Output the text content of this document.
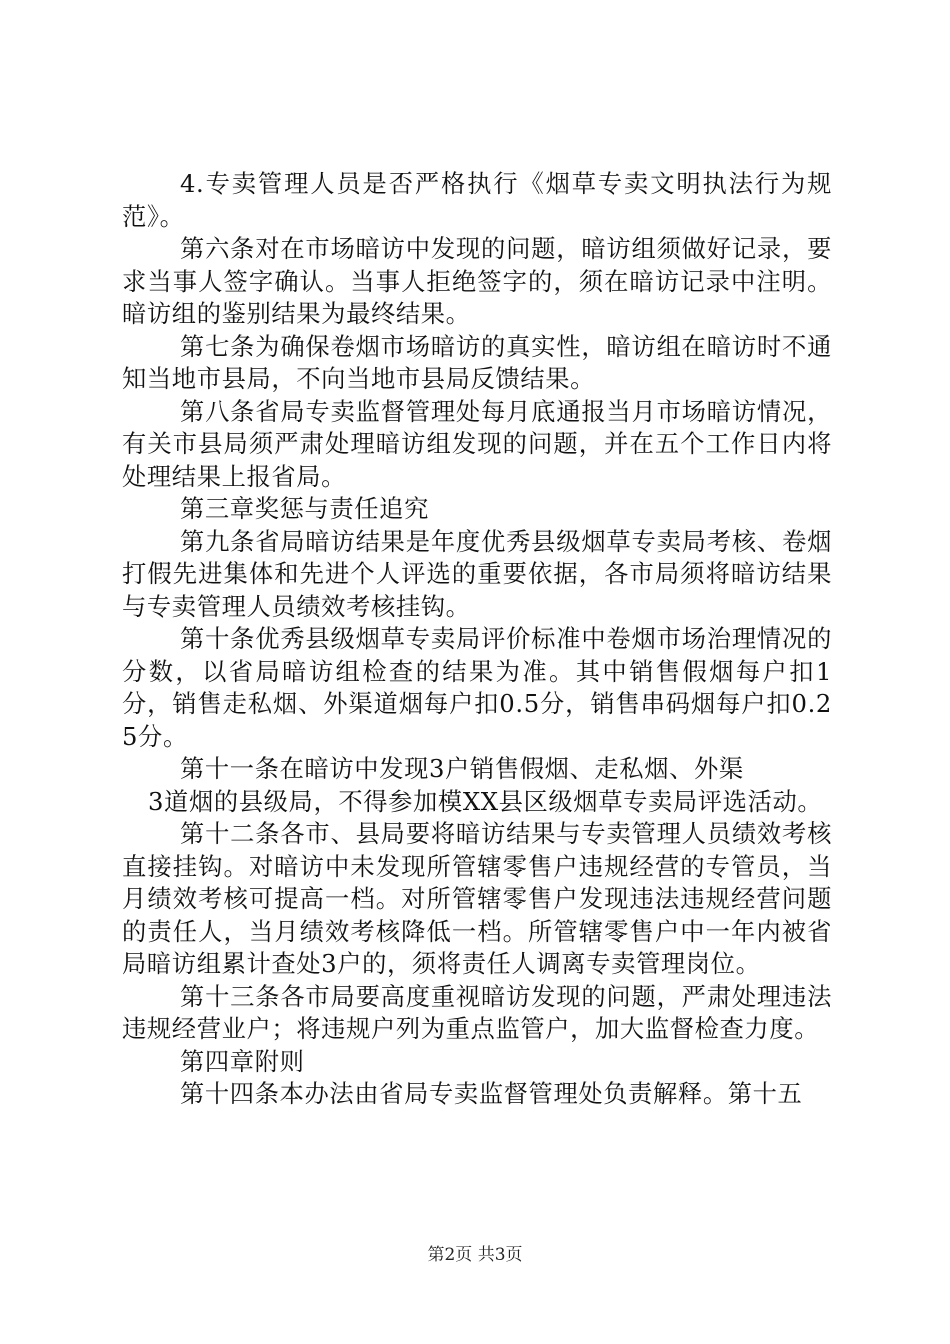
4.专卖管理人员是否严格执行《烟草专卖文明执法行为规范》。

第六条对在市场暗访中发现的问题，暗访组须做好记录，要求当事人签字确认。当事人拒绝签字的，须在暗访记录中注明。暗访组的鉴别结果为最终结果。

第七条为确保卷烟市场暗访的真实性，暗访组在暗访时不通知当地市县局，不向当地市县局反馈结果。

第八条省局专卖监督管理处每月底通报当月市场暗访情况，有关市县局须严肃处理暗访组发现的问题，并在五个工作日内将处理结果上报省局。

第三章奖惩与责任追究

第九条省局暗访结果是年度优秀县级烟草专卖局考核、卷烟打假先进集体和先进个人评选的重要依据，各市局须将暗访结果与专卖管理人员绩效考核挂钩。

第十条优秀县级烟草专卖局评价标准中卷烟市场治理情况的分数，以省局暗访组检查的结果为准。其中销售假烟每户扣1分，销售走私烟、外渠道烟每户扣0.5分，销售串码烟每户扣0.25分。

第十一条在暗访中发现3户销售假烟、走私烟、外渠

3道烟的县级局，不得参加模XX县区级烟草专卖局评选活动。

第十二条各市、县局要将暗访结果与专卖管理人员绩效考核直接挂钩。对暗访中未发现所管辖零售户违规经营的专管员，当月绩效考核可提高一档。对所管辖零售户发现违法违规经营问题的责任人，当月绩效考核降低一档。所管辖零售户中一年内被省局暗访组累计查处3户的，须将责任人调离专卖管理岗位。

第十三条各市局要高度重视暗访发现的问题，严肃处理违法违规经营业户；将违规户列为重点监管户，加大监督检查力度。

第四章附则

第十四条本办法由省局专卖监督管理处负责解释。第十五

第2页 共3页
